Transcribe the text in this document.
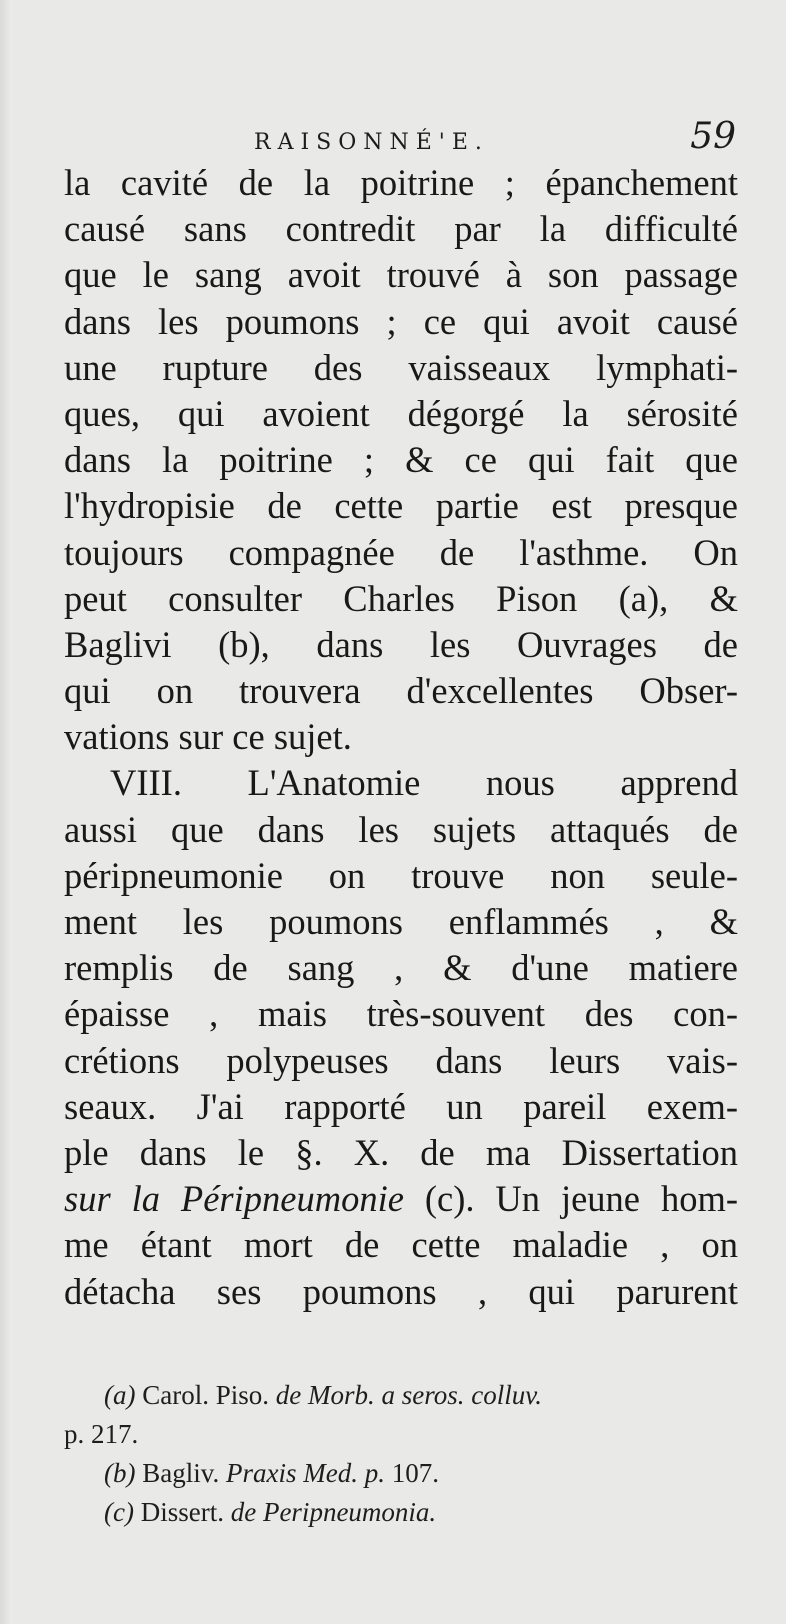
RAISONNÉ'E.	59
la cavité de la poitrine ; épanchement
causé sans contredit par la difficulté
que le sang avoit trouvé à son passage
dans les poumons ; ce qui avoit causé
une rupture des vaisseaux lymphati-
ques, qui avoient dégorgé la sérosité
dans la poitrine ; & ce qui fait que
l'hydropisie de cette partie est presque
toujours compagnée de l'asthme. On
peut consulter Charles Pison (a), &
Baglivi (b), dans les Ouvrages de
qui on trouvera d'excellentes Obser-
vations sur ce sujet.
VIII. L'Anatomie nous apprend
aussi que dans les sujets attaqués de
péripneumonie on trouve non seule-
ment les poumons enflammés , &
remplis de sang , & d'une matiere
épaisse , mais très-souvent des con-
crétions polypeuses dans leurs vais-
seaux. J'ai rapporté un pareil exem-
ple dans le §. X. de ma Dissertation
sur la Péripneumonie (c). Un jeune hom-
me étant mort de cette maladie , on
détacha ses poumons , qui parurent
(a) Carol. Piso. de Morb. a seros. colluv.
p. 217.
(b) Bagliv. Praxis Med. p. 107.
(c) Dissert. de Peripneumonia.
